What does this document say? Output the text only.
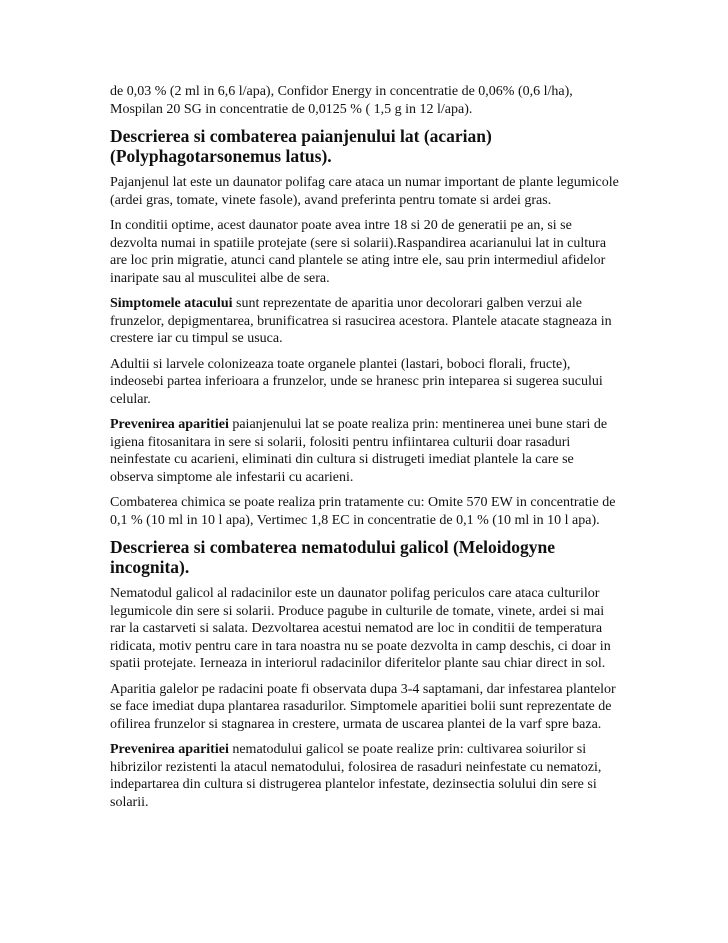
de 0,03 % (2 ml in 6,6 l/apa), Confidor Energy in concentratie de 0,06% (0,6 l/ha), Mospilan 20 SG in concentratie de 0,0125 % ( 1,5 g in 12 l/apa).

Descrierea si combaterea paianjenului lat (acarian) (Polyphagotarsonemus latus).

Pajanjenul lat este un daunator polifag care ataca un numar important de plante legumicole (ardei gras, tomate, vinete fasole), avand preferinta pentru tomate si ardei gras.

In conditii optime, acest daunator poate avea intre 18 si 20 de generatii pe an, si se dezvolta numai in spatiile protejate (sere si solarii).Raspandirea acarianului lat in cultura are loc prin migratie, atunci cand plantele se ating intre ele, sau prin intermediul afidelor inaripate sau al musculitei albe de sera.

Simptomele atacului sunt reprezentate de aparitia unor decolorari galben verzui ale frunzelor, depigmentarea, brunificatrea si rasucirea acestora. Plantele atacate stagneaza in crestere iar cu timpul se usuca.

Adultii si larvele colonizeaza toate organele plantei (lastari, boboci florali, fructe), indeosebi partea inferioara a frunzelor, unde se hranesc prin inteparea si sugerea sucului celular.

Prevenirea aparitiei paianjenului lat se poate realiza prin: mentinerea unei bune stari de igiena fitosanitara in sere si solarii, folositi pentru infiintarea culturii doar rasaduri neinfestate cu acarieni, eliminati din cultura si distrugeti imediat plantele la care se observa simptome ale infestarii cu acarieni.

Combaterea chimica se poate realiza prin tratamente cu: Omite 570 EW in concentratie de 0,1 % (10 ml in 10 l apa), Vertimec 1,8 EC in concentratie de 0,1 % (10 ml in 10 l apa).

Descrierea si combaterea nematodului galicol (Meloidogyne incognita).

Nematodul galicol al radacinilor este un daunator polifag periculos care ataca culturilor legumicole din sere si solarii. Produce pagube in culturile de tomate, vinete, ardei si mai rar la castarveti si salata. Dezvoltarea acestui nematod are loc in conditii de temperatura ridicata, motiv pentru care in tara noastra nu se poate dezvolta in camp deschis, ci doar in spatii protejate. Ierneaza in interiorul radacinilor diferitelor plante sau chiar direct in sol.

Aparitia galelor pe radacini poate fi observata dupa 3-4 saptamani, dar infestarea plantelor se face imediat dupa plantarea rasadurilor. Simptomele aparitiei bolii sunt reprezentate de ofilirea frunzelor si stagnarea in crestere, urmata de uscarea plantei de la varf spre baza.

Prevenirea aparitiei nematodului galicol se poate realize prin: cultivarea soiurilor si hibrizilor rezistenti la atacul nematodului, folosirea de rasaduri neinfestate cu nematozi, indepartarea din cultura si distrugerea plantelor infestate, dezinsectia solului din sere si solarii.
